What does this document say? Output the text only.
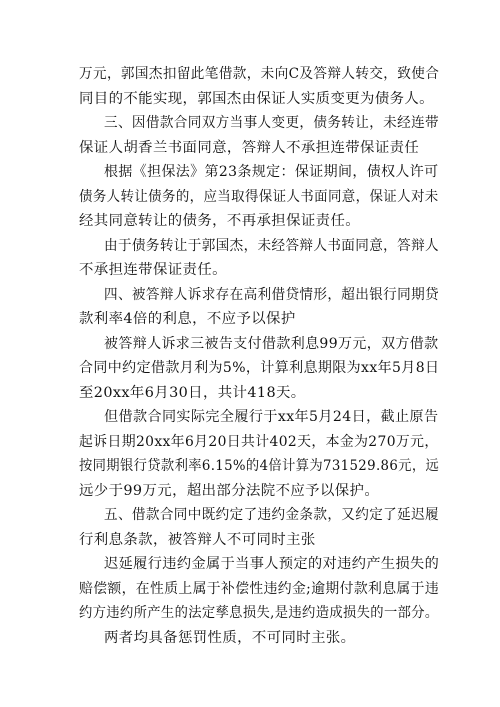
万元，郭国杰扣留此笔借款，未向C及答辩人转交，致使合
同目的不能实现，郭国杰由保证人实质变更为债务人。
三、因借款合同双方当事人变更，债务转让，未经连带
保证人胡香兰书面同意，答辩人不承担连带保证责任
根据《担保法》第23条规定：保证期间，债权人许可
债务人转让债务的，应当取得保证人书面同意，保证人对未
经其同意转让的债务，不再承担保证责任。
由于债务转让于郭国杰，未经答辩人书面同意，答辩人
不承担连带保证责任。
四、被答辩人诉求存在高利借贷情形，超出银行同期贷
款利率4倍的利息，不应予以保护
被答辩人诉求三被告支付借款利息99万元，双方借款
合同中约定借款月利为5%，计算利息期限为xx年5月8日
至20xx年6月30日，共计418天。
但借款合同实际完全履行于xx年5月24日，截止原告
起诉日期20xx年6月20日共计402天，本金为270万元，
按同期银行贷款利率6.15%的4倍计算为731529.86元，远
远少于99万元，超出部分法院不应予以保护。
五、借款合同中既约定了违约金条款，又约定了延迟履
行利息条款，被答辩人不可同时主张
迟延履行违约金属于当事人预定的对违约产生损失的
赔偿额，在性质上属于补偿性违约金;逾期付款利息属于违
约方违约所产生的法定孳息损失,是违约造成损失的一部分。
两者均具备惩罚性质，不可同时主张。
